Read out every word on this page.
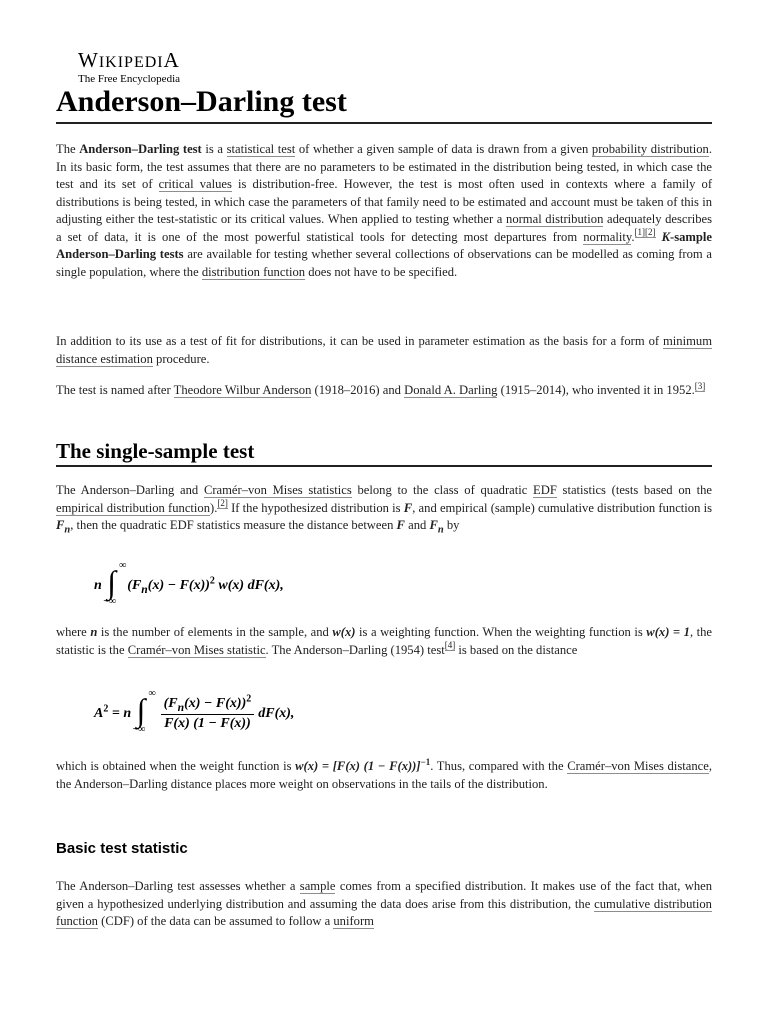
WIKIPEDIA
The Free Encyclopedia
Anderson–Darling test

The Anderson–Darling test is a statistical test of whether a given sample of data is drawn from a given probability distribution. In its basic form, the test assumes that there are no parameters to be estimated in the distribution being tested, in which case the test and its set of critical values is distribution-free. However, the test is most often used in contexts where a family of distributions is being tested, in which case the parameters of that family need to be estimated and account must be taken of this in adjusting either the test-statistic or its critical values. When applied to testing whether a normal distribution adequately describes a set of data, it is one of the most powerful statistical tools for detecting most departures from normality.[1][2] K-sample Anderson–Darling tests are available for testing whether several collections of observations can be modelled as coming from a single population, where the distribution function does not have to be specified.

In addition to its use as a test of fit for distributions, it can be used in parameter estimation as the basis for a form of minimum distance estimation procedure.

The test is named after Theodore Wilbur Anderson (1918–2016) and Donald A. Darling (1915–2014), who invented it in 1952.[3]

The single-sample test

The Anderson–Darling and Cramér–von Mises statistics belong to the class of quadratic EDF statistics (tests based on the empirical distribution function).[2] If the hypothesized distribution is F, and empirical (sample) cumulative distribution function is $F_n$, then the quadratic EDF statistics measure the distance between F and $F_n$ by

n ∫ ∞
−∞
$(F_n(x) - F(x))^2$ w(x) dF(x),

where n is the number of elements in the sample, and w(x) is a weighting function. When the weighting function is w(x) = 1, the statistic is the Cramér–von Mises statistic. The Anderson–Darling (1954) test[4] is based on the distance

$A^2 = n$ ∫ ∞
−∞ $\frac{(F_n(x) - F(x))^2}{F(x) (1 - F(x))} dF(x)$,

which is obtained when the weight function is w(x) = [F(x) (1 − F(x))]$^{-1}$. Thus, compared with the Cramér–von Mises distance, the Anderson–Darling distance places more weight on observations in the tails of the distribution.

Basic test statistic

The Anderson–Darling test assesses whether a sample comes from a specified distribution. It makes use of the fact that, when given a hypothesized underlying distribution and assuming the data does arise from this distribution, the cumulative distribution function (CDF) of the data can be assumed to follow a uniform
